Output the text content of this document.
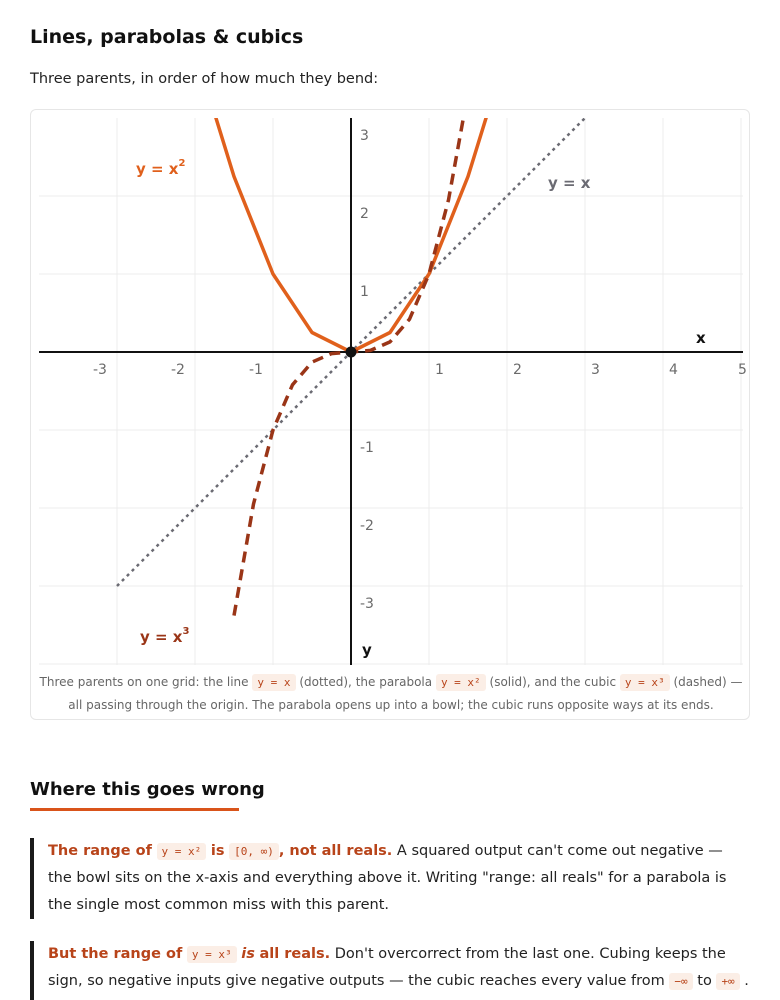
Lines, parabolas & cubics
Three parents, in order of how much they bend:
-3	-2	-1	1	2	3	4	5
3
2
1
-1
-2
-3
x
y
$y = x^2$
y = x
$y = x^3$
Three parents on one grid: the line y = x (dotted), the parabola y = x² (solid), and the cubic y = x³ (dashed) —
all passing through the origin. The parabola opens up into a bowl; the cubic runs opposite ways at its ends.
Where this goes wrong
The range of y = x² is [0, ∞) , not all reals. A squared output can't come out negative — the bowl sits on the x-axis and everything above it. Writing "range: all reals" for a parabola is the single most common miss with this parent.
But the range of y = x³ is all reals. Don't overcorrect from the last one. Cubing keeps the sign, so negative inputs give negative outputs — the cubic reaches every value from −∞ to +∞ .
